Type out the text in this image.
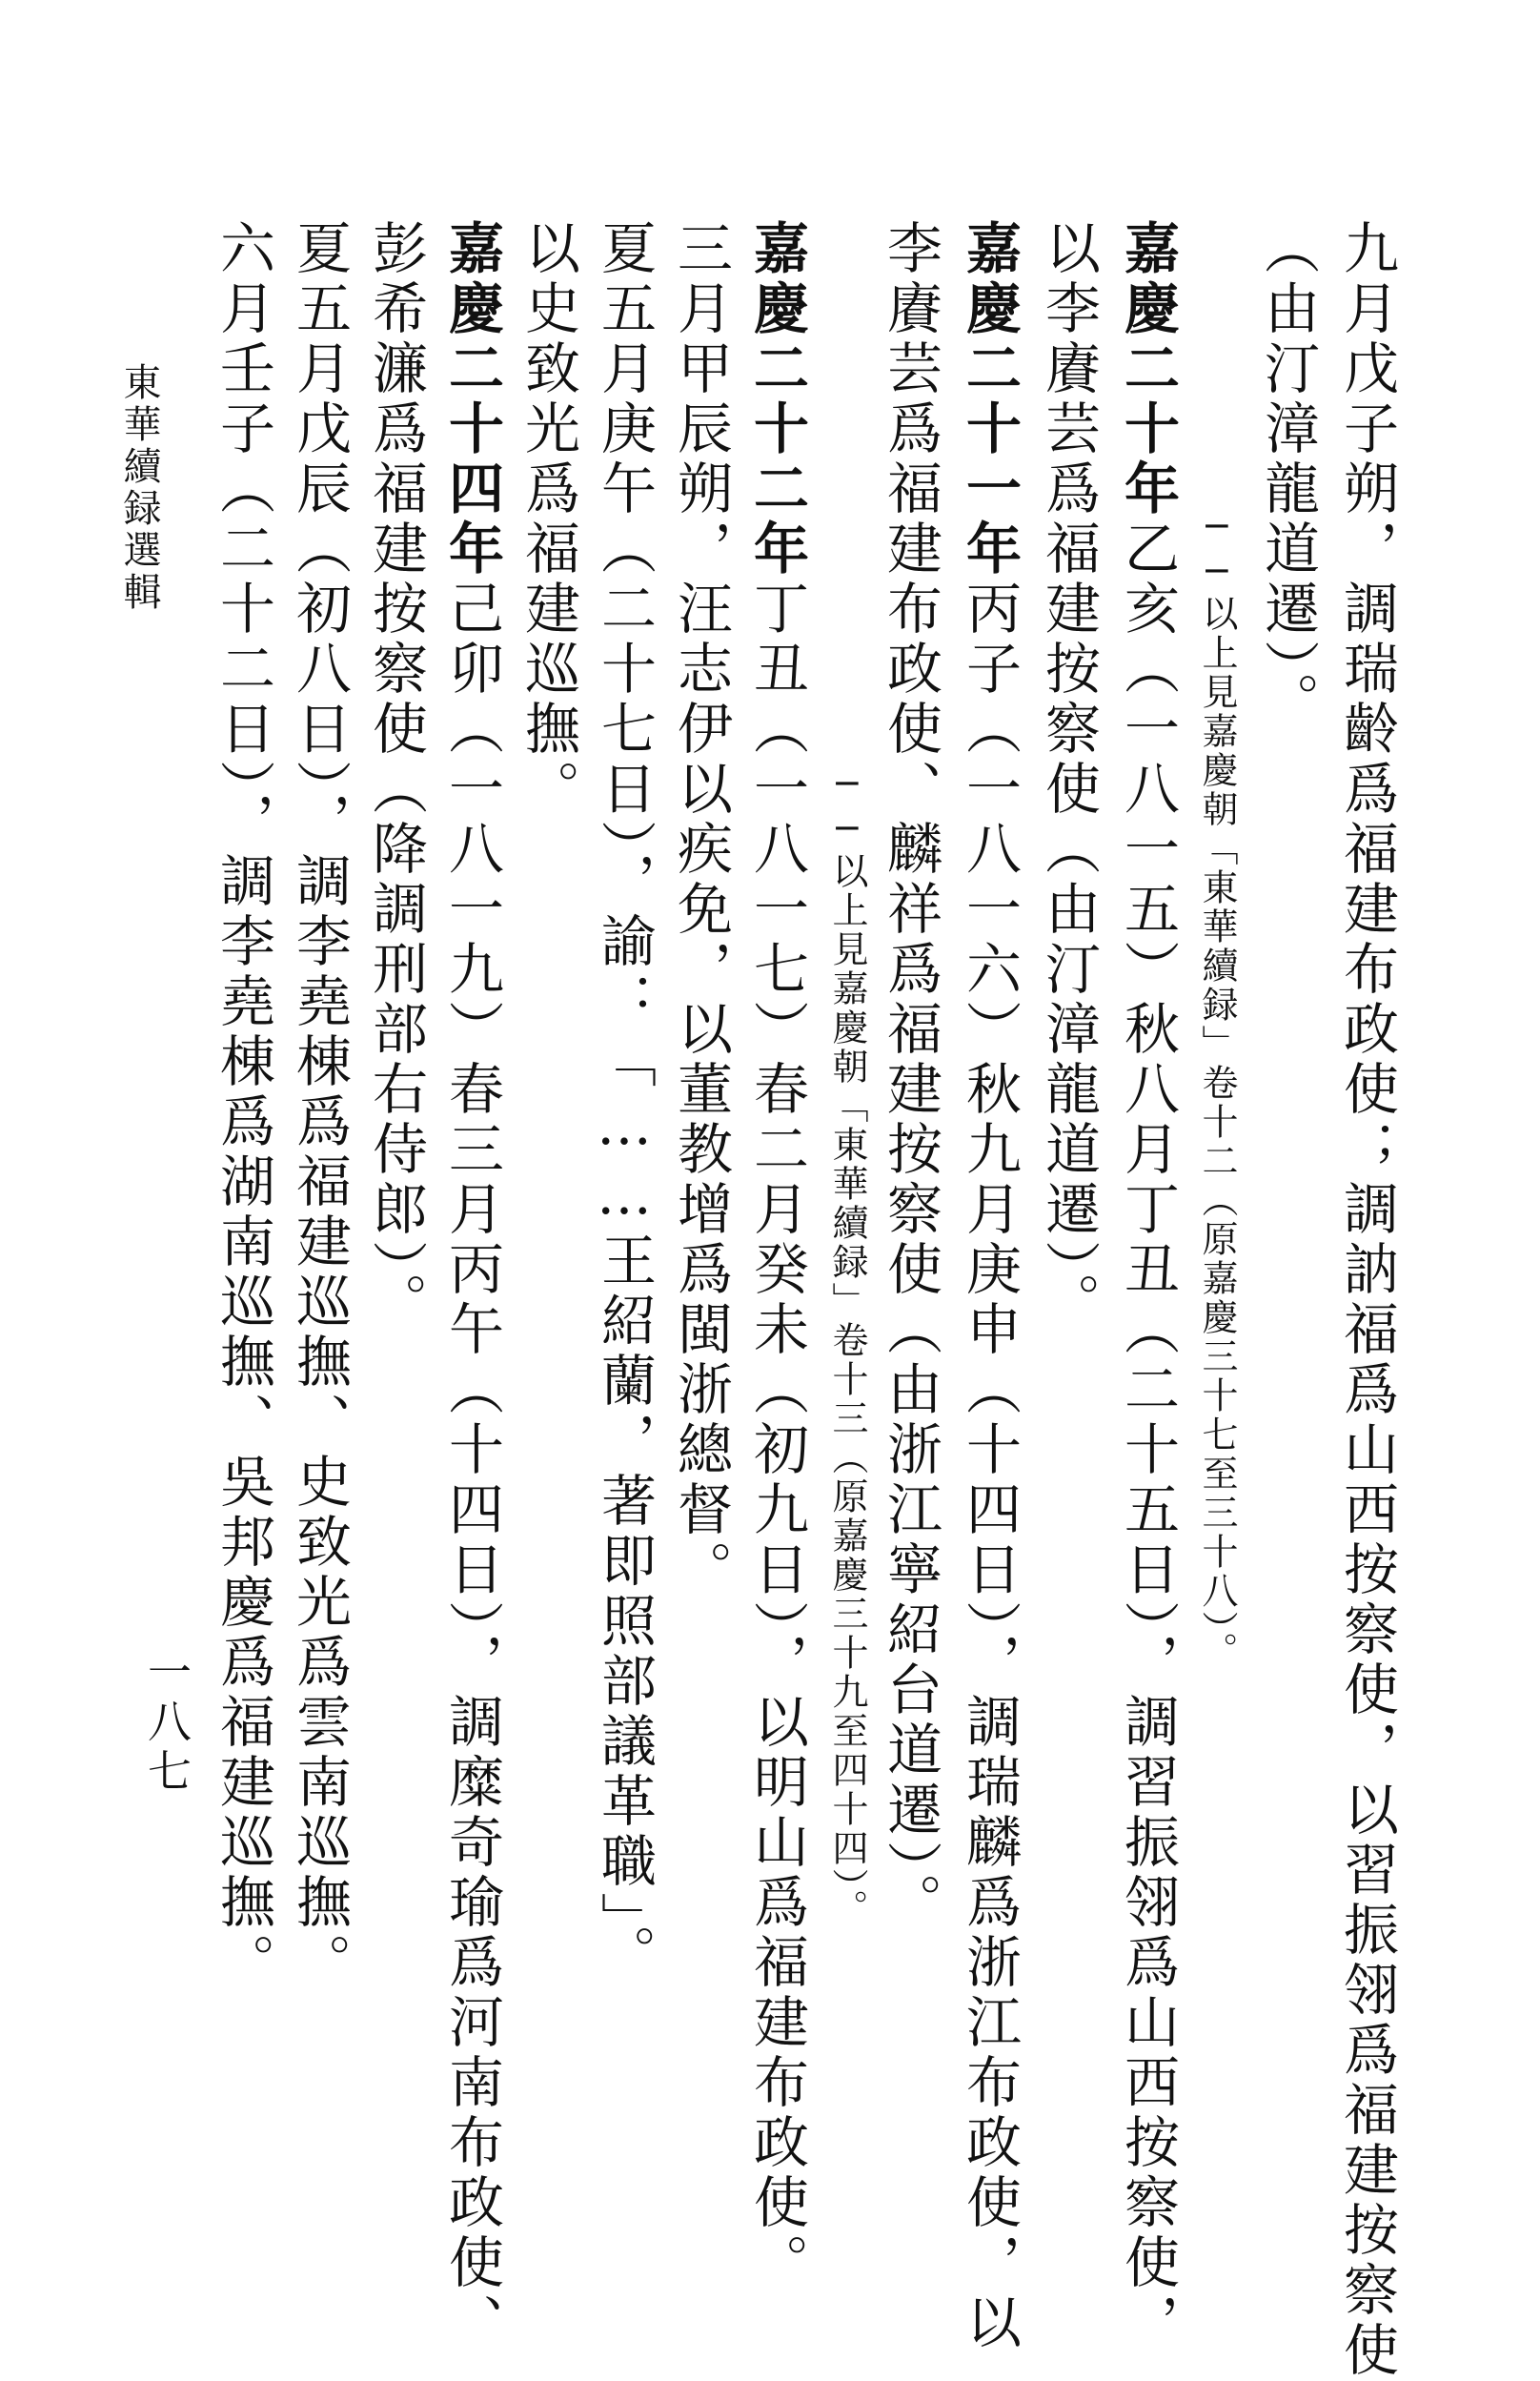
九月戊子朔，調瑞齡爲福建布政使；調訥福爲山西按察使，以習振翎爲福建按察使
（由汀漳龍道遷）。
──以上見嘉慶朝「東華續録」卷十二（原嘉慶三十七至三十八）。
嘉慶二十年乙亥（一八一五）秋八月丁丑（二十五日），調習振翎爲山西按察使，
以李賡芸爲福建按察使（由汀漳龍道遷）。
嘉慶二十一年丙子（一八一六）秋九月庚申（十四日），調瑞麟爲浙江布政使，以
李賡芸爲福建布政使、麟祥爲福建按察使（由浙江寧紹台道遷）。
──以上見嘉慶朝「東華續録」卷十三（原嘉慶三十九至四十四）。
嘉慶二十二年丁丑（一八一七）春二月癸未（初九日），以明山爲福建布政使。
三月甲辰朔，汪志伊以疾免，以董教增爲閩浙總督。
夏五月庚午（二十七日），諭：「……王紹蘭，著即照部議革職」。
以史致光爲福建巡撫。
嘉慶二十四年己卯（一八一九）春三月丙午（十四日），調糜奇瑜爲河南布政使、
彭希濂爲福建按察使（降調刑部右侍郎）。
夏五月戊辰（初八日），調李堯棟爲福建巡撫、史致光爲雲南巡撫。
六月壬子（二十二日），調李堯棟爲湖南巡撫、吳邦慶爲福建巡撫。
東華續録選輯
一八七
